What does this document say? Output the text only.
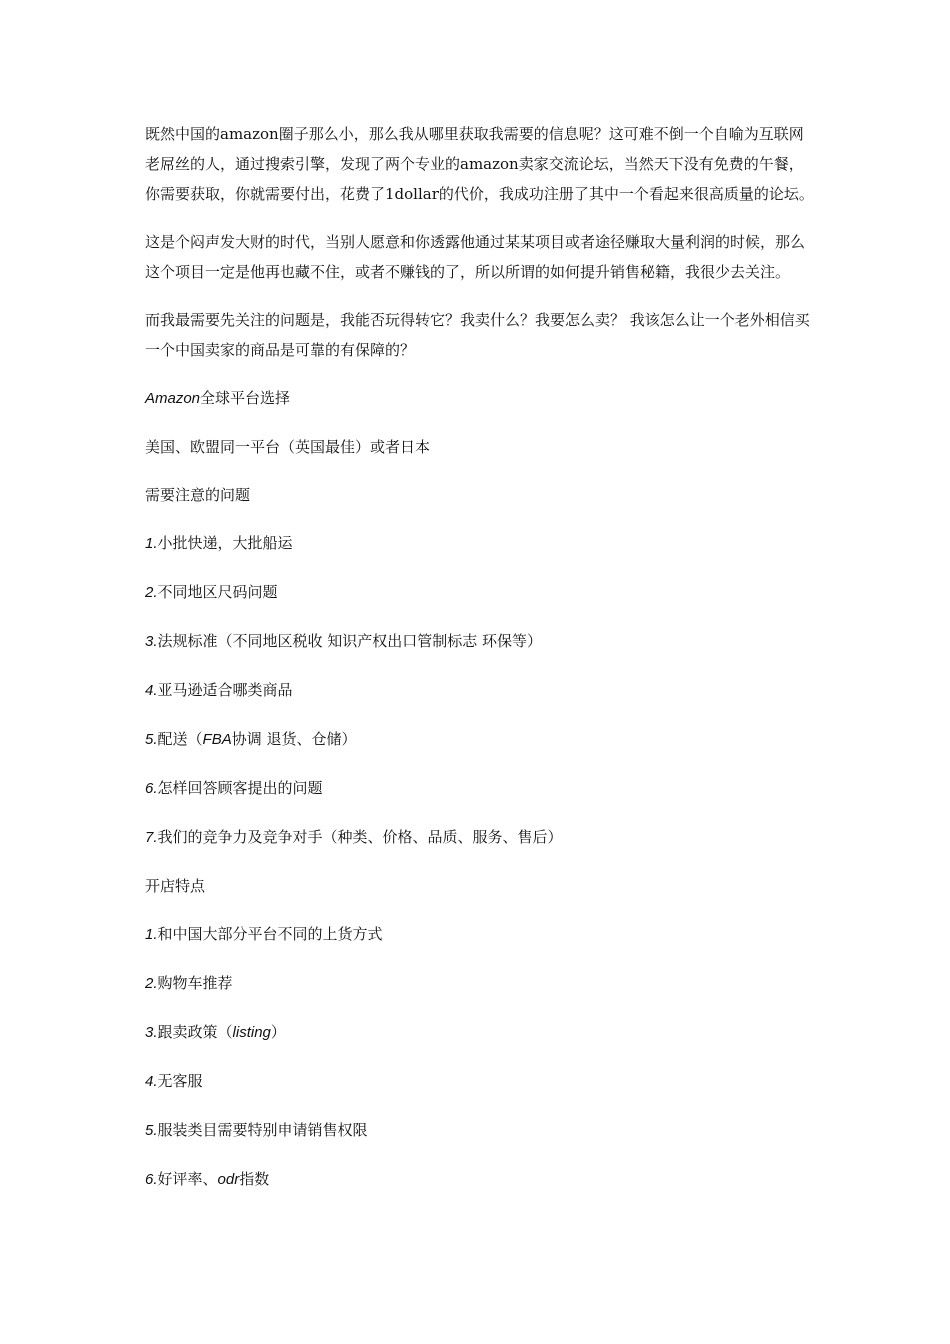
既然中国的amazon圈子那么小，那么我从哪里获取我需要的信息呢？这可难不倒一个自喻为互联网老屌丝的人，通过搜索引擎，发现了两个专业的amazon卖家交流论坛，当然天下没有免费的午餐，你需要获取，你就需要付出，花费了1dollar的代价，我成功注册了其中一个看起来很高质量的论坛。

这是个闷声发大财的时代，当别人愿意和你透露他通过某某项目或者途径赚取大量利润的时候，那么这个项目一定是他再也藏不住，或者不赚钱的了，所以所谓的如何提升销售秘籍，我很少去关注。

而我最需要先关注的问题是，我能否玩得转它？我卖什么？我要怎么卖？ 我该怎么让一个老外相信买一个中国卖家的商品是可靠的有保障的？

Amazon全球平台选择
美国、欧盟同一平台（英国最佳）或者日本
需要注意的问题
1.小批快递，大批船运
2.不同地区尺码问题
3.法规标准（不同地区税收 知识产权出口管制标志 环保等）
4.亚马逊适合哪类商品
5.配送（FBA协调 退货、仓储）
6.怎样回答顾客提出的问题
7.我们的竞争力及竞争对手（种类、价格、品质、服务、售后）
开店特点
1.和中国大部分平台不同的上货方式
2.购物车推荐
3.跟卖政策（listing）
4.无客服
5.服装类目需要特别申请销售权限
6.好评率、odr指数
